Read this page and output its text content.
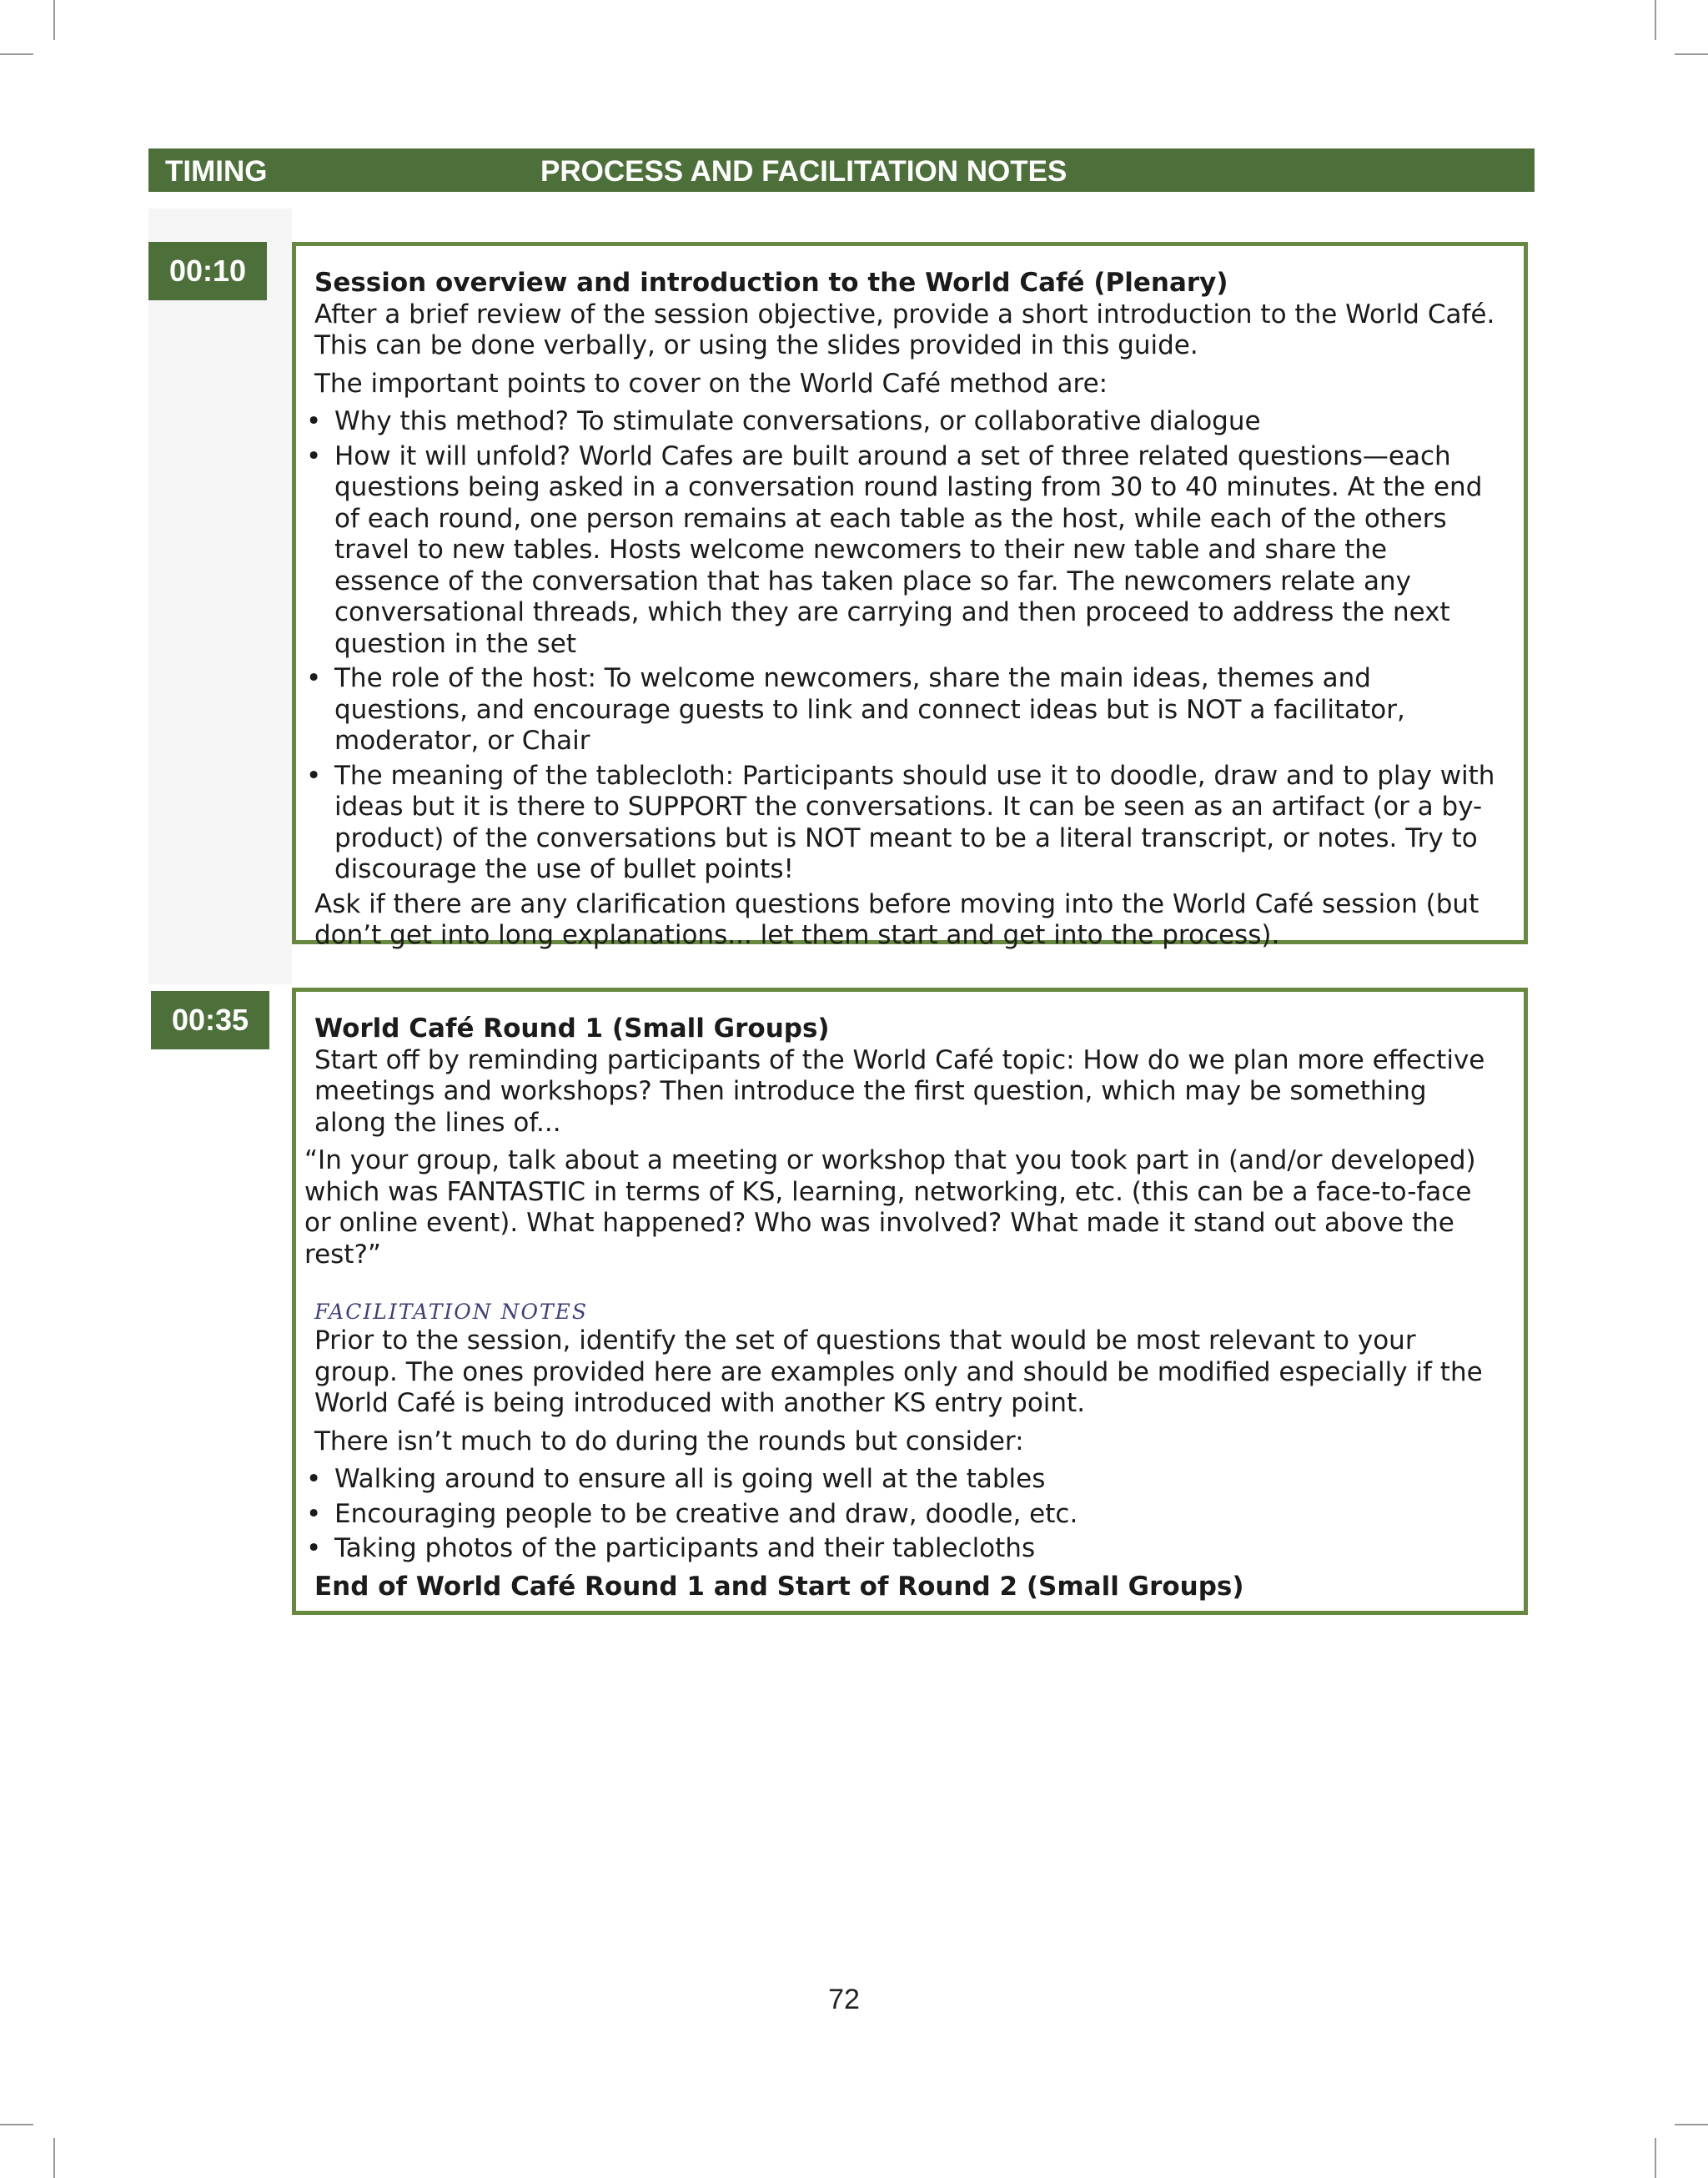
TIMING	PROCESS AND FACILITATION NOTES
00:10	Session overview and introduction to the World Café (Plenary)

After a brief review of the session objective, provide a short introduction to the World Café. This can be done verbally, or using the slides provided in this guide.

The important points to cover on the World Café method are:

• Why this method? To stimulate conversations, or collaborative dialogue
• How it will unfold? World Cafes are built around a set of three related questions—each questions being asked in a conversation round lasting from 30 to 40 minutes. At the end of each round, one person remains at each table as the host, while each of the others travel to new tables. Hosts welcome newcomers to their new table and share the essence of the conversation that has taken place so far. The newcomers relate any conversational threads, which they are carrying and then proceed to address the next question in the set
• The role of the host: To welcome newcomers, share the main ideas, themes and questions, and encourage guests to link and connect ideas but is NOT a facilitator, moderator, or Chair
• The meaning of the tablecloth: Participants should use it to doodle, draw and to play with ideas but it is there to SUPPORT the conversations. It can be seen as an artifact (or a by-product) of the conversations but is NOT meant to be a literal transcript, or notes. Try to discourage the use of bullet points!

Ask if there are any clarification questions before moving into the World Café session (but don’t get into long explanations... let them start and get into the process).

00:35	World Café Round 1 (Small Groups)

Start off by reminding participants of the World Café topic: How do we plan more effective meetings and workshops? Then introduce the first question, which may be something along the lines of...

“In your group, talk about a meeting or workshop that you took part in (and/or developed) which was FANTASTIC in terms of KS, learning, networking, etc. (this can be a face-to-face or online event). What happened? Who was involved? What made it stand out above the rest?”

FACILITATION NOTES

Prior to the session, identify the set of questions that would be most relevant to your group. The ones provided here are examples only and should be modified especially if the World Café is being introduced with another KS entry point.

There isn’t much to do during the rounds but consider:

• Walking around to ensure all is going well at the tables
• Encouraging people to be creative and draw, doodle, etc.
• Taking photos of the participants and their tablecloths

End of World Café Round 1 and Start of Round 2 (Small Groups)

72
